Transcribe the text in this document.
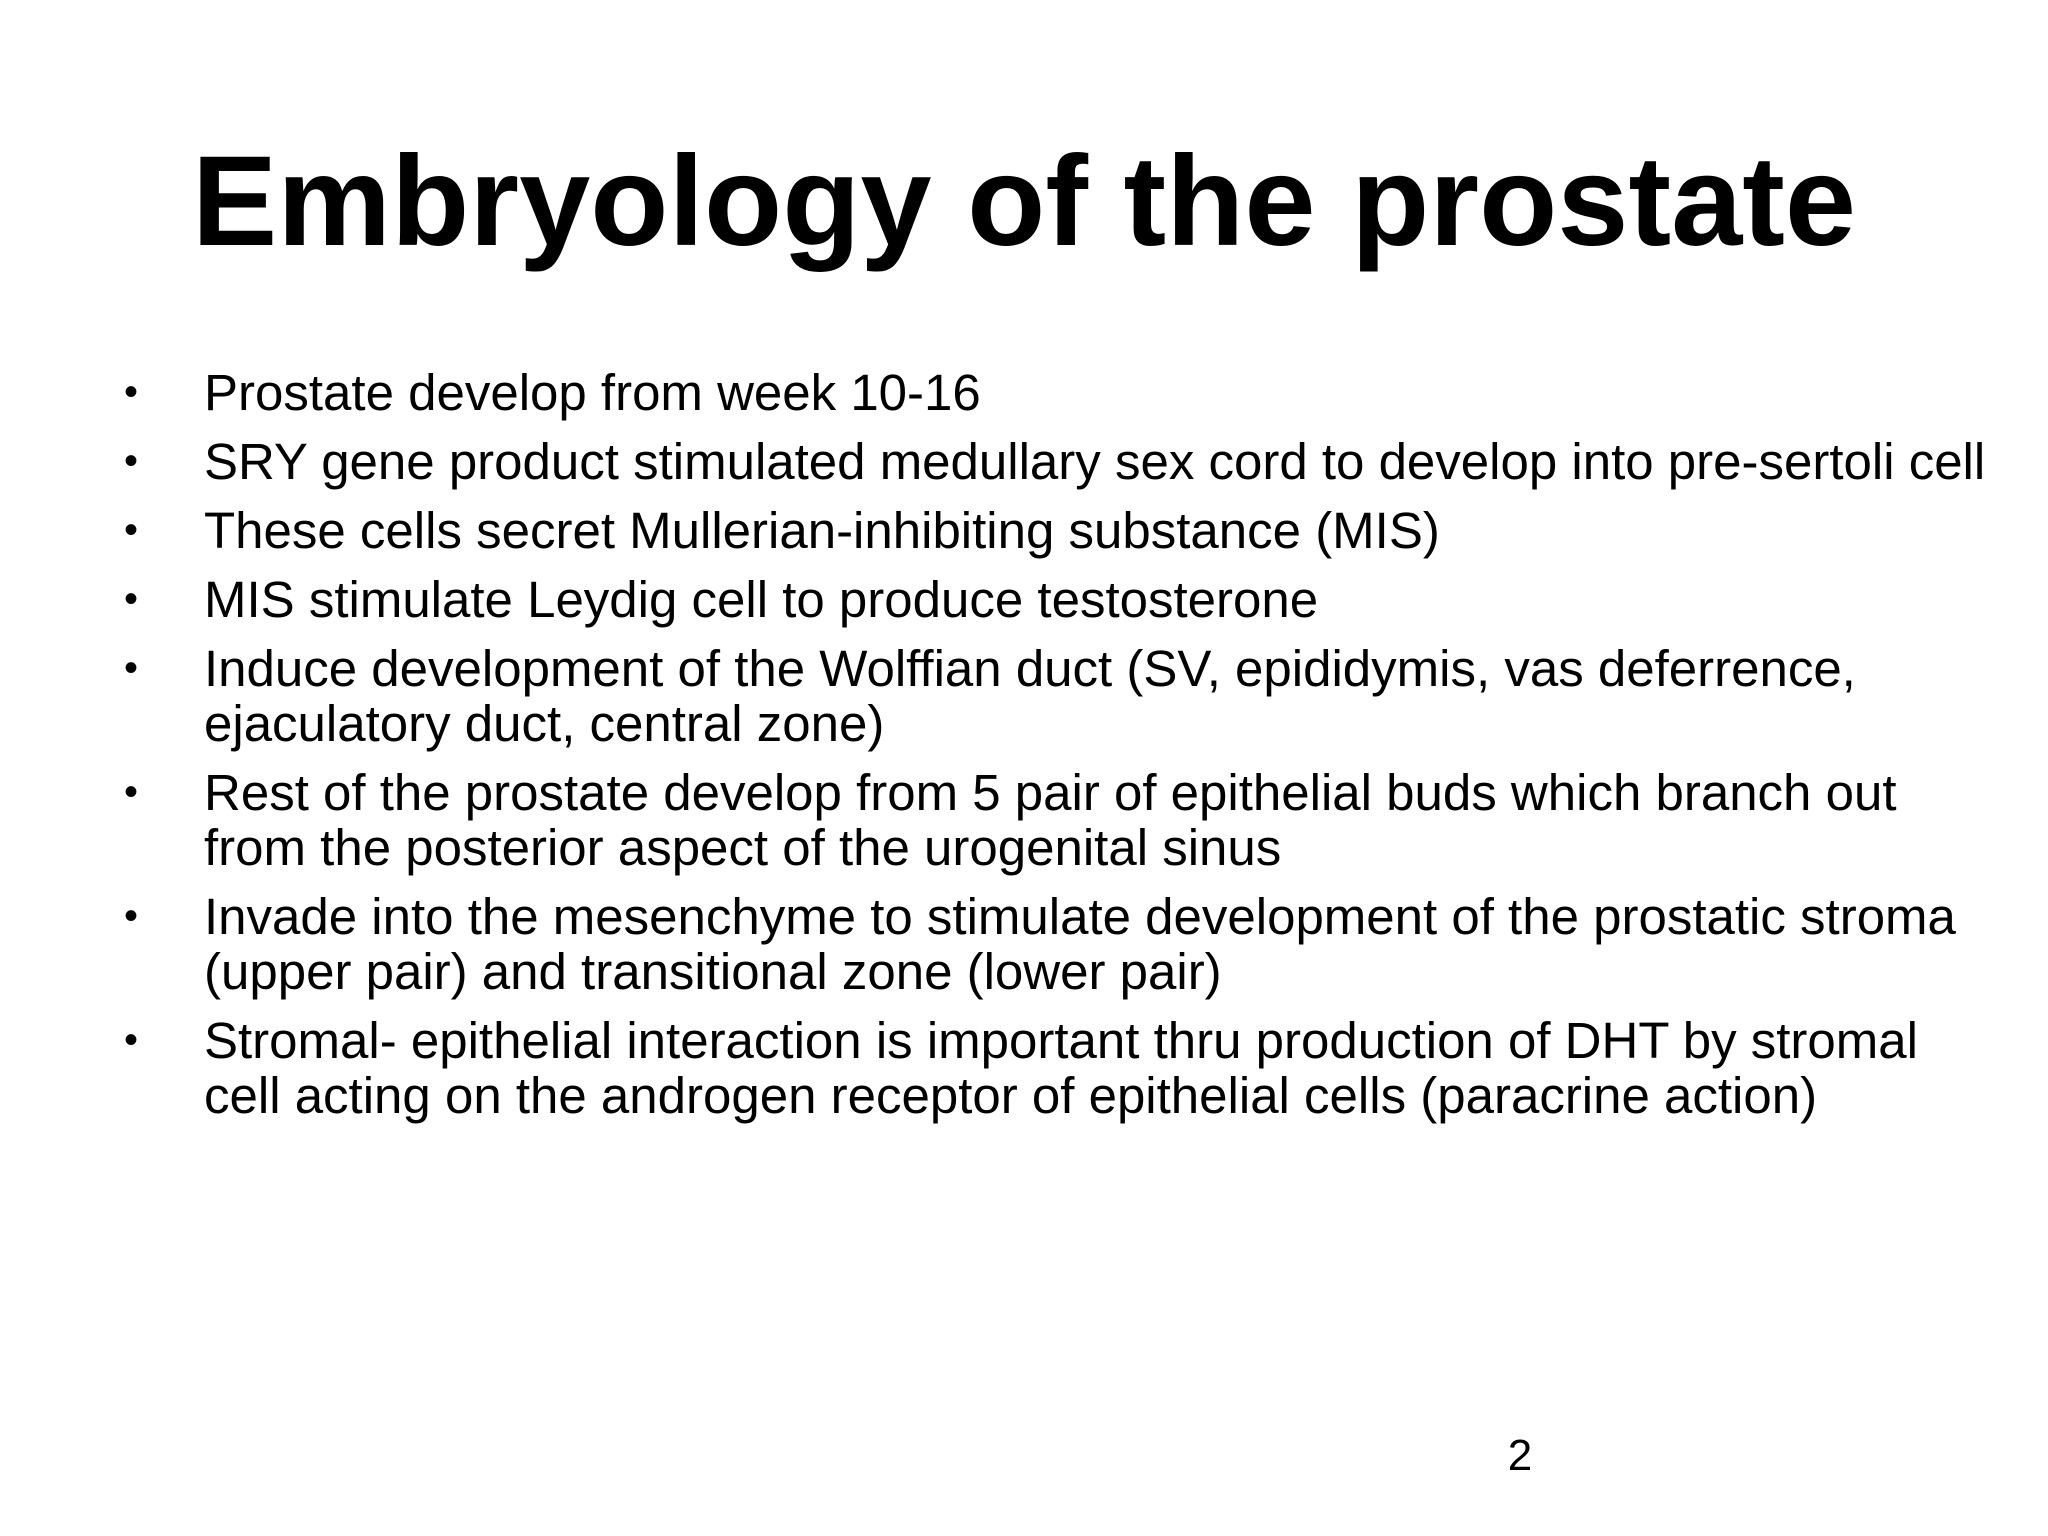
Embryology of the prostate
• Prostate develop from week 10-16
• SRY gene product stimulated medullary sex cord to develop into pre-sertoli cell
• These cells secret Mullerian-inhibiting substance (MIS)
• MIS stimulate Leydig cell to produce testosterone
• Induce development of the Wolffian duct (SV, epididymis, vas deferrence, ejaculatory duct, central zone)
• Rest of the prostate develop from 5 pair of epithelial buds which branch out from the posterior aspect of the urogenital sinus
• Invade into the mesenchyme to stimulate development of the prostatic stroma (upper pair) and transitional zone (lower pair)
• Stromal- epithelial interaction is important thru production of DHT by stromal cell acting on the androgen receptor of epithelial cells (paracrine action)
2
